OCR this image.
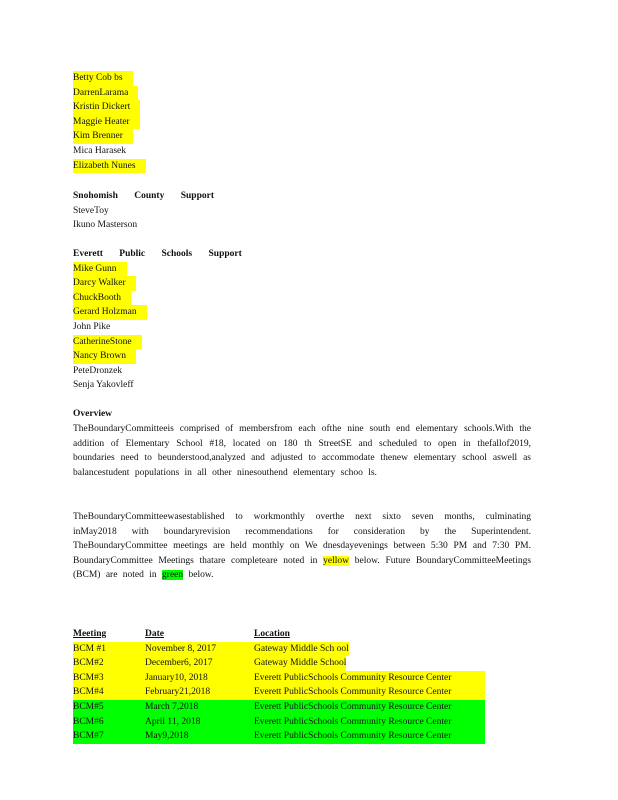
Betty Cob bs
DarrenLarama
Kristin Dickert
Maggie Heater
Kim Brenner
Mica Harasek
Elizabeth Nunes
Snohomish County Support
SteveToy
Ikuno Masterson
Everett Public Schools Support
Mike Gunn
Darcy Walker
ChuckBooth
Gerard Holzman
John Pike
CatherineStone
Nancy Brown
PeteDronzek
Senja Yakovleff
Overview
TheBoundaryCommitteeis comprised of membersfrom each ofthe nine south end elementary schools.With the addition of Elementary School #18, located on 180 th StreetSE and scheduled to open in thefallof2019, boundaries need to beunderstood,analyzed and adjusted to accommodate thenew elementary school aswell as balancestudent populations in all other ninesouthend elementary schoo ls.
TheBoundaryCommitteewasestablished to workmonthly overthe next sixto seven months, culminating inMay2018 with boundaryrevision recommendations for consideration by the Superintendent. TheBoundaryCommittee meetings are held monthly on We dnesdayevenings between 5:30 PM and 7:30 PM. BoundaryCommittee Meetings thatare completeare noted in yellow below. Future BoundaryCommitteeMeetings (BCM) are noted in green below.
Meeting	Date	Location
BCM #1	November 8, 2017	Gateway Middle Sch ool
BCM#2	December6, 2017	Gateway Middle School
BCM#3	January10, 2018	Everett PublicSchools Community Resource Center
BCM#4	February21,2018	Everett PublicSchools Community Resource Center
BCM#5	March 7,2018	Everett PublicSchools Community Resource Center
BCM#6	April 11, 2018	Everett PublicSchools Community Resource Center
BCM#7	May9,2018	Everett PublicSchools Community Resource Center
